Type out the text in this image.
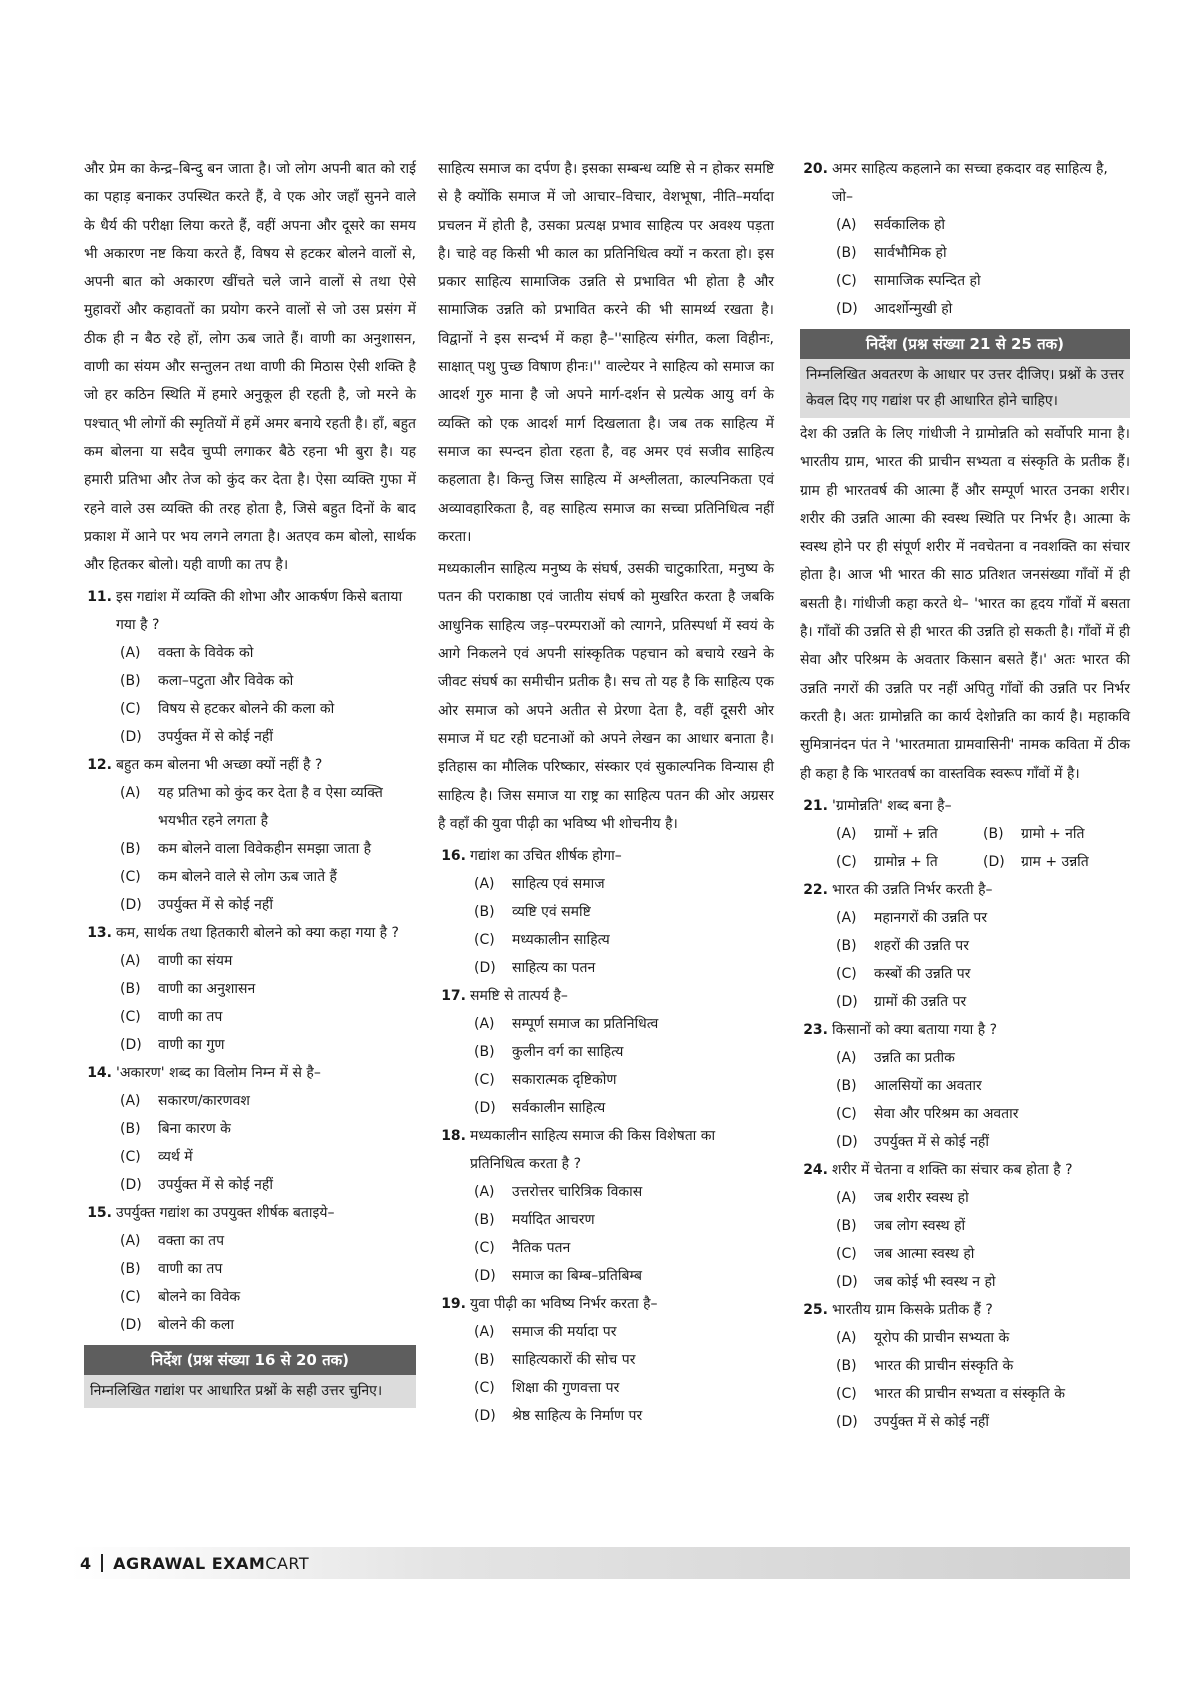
और प्रेम का केन्द्र–बिन्दु बन जाता है। जो लोग अपनी बात को राई का पहाड़ बनाकर उपस्थित करते हैं, वे एक ओर जहाँ सुनने वाले के धैर्य की परीक्षा लिया करते हैं, वहीं अपना और दूसरे का समय भी अकारण नष्ट किया करते हैं, विषय से हटकर बोलने वालों से, अपनी बात को अकारण खींचते चले जाने वालों से तथा ऐसे मुहावरों और कहावतों का प्रयोग करने वालों से जो उस प्रसंग में ठीक ही न बैठ रहे हों, लोग ऊब जाते हैं। वाणी का अनुशासन, वाणी का संयम और सन्तुलन तथा वाणी की मिठास ऐसी शक्ति है जो हर कठिन स्थिति में हमारे अनुकूल ही रहती है, जो मरने के पश्चात् भी लोगों की स्मृतियों में हमें अमर बनाये रहती है। हाँ, बहुत कम बोलना या सदैव चुप्पी लगाकर बैठे रहना भी बुरा है। यह हमारी प्रतिभा और तेज को कुंद कर देता है। ऐसा व्यक्ति गुफा में रहने वाले उस व्यक्ति की तरह होता है, जिसे बहुत दिनों के बाद प्रकाश में आने पर भय लगने लगता है। अतएव कम बोलो, सार्थक और हितकर बोलो। यही वाणी का तप है।

11. इस गद्यांश में व्यक्ति की शोभा और आकर्षण किसे बताया गया है ?
(A)	वक्ता के विवेक को
(B)	कला–पटुता और विवेक को
(C)	विषय से हटकर बोलने की कला को
(D)	उपर्युक्त में से कोई नहीं
12. बहुत कम बोलना भी अच्छा क्यों नहीं है ?
(A)	यह प्रतिभा को कुंद कर देता है व ऐसा व्यक्ति भयभीत रहने लगता है
(B)	कम बोलने वाला विवेकहीन समझा जाता है
(C)	कम बोलने वाले से लोग ऊब जाते हैं
(D)	उपर्युक्त में से कोई नहीं
13. कम, सार्थक तथा हितकारी बोलने को क्या कहा गया है ?
(A)	वाणी का संयम
(B)	वाणी का अनुशासन
(C)	वाणी का तप
(D)	वाणी का गुण
14. 'अकारण' शब्द का विलोम निम्न में से है–
(A)	सकारण/कारणवश
(B)	बिना कारण के
(C)	व्यर्थ में
(D)	उपर्युक्त में से कोई नहीं
15. उपर्युक्त गद्यांश का उपयुक्त शीर्षक बताइये–
(A)	वक्ता का तप
(B)	वाणी का तप
(C)	बोलने का विवेक
(D)	बोलने की कला
निर्देश (प्रश्न संख्या 16 से 20 तक)
निम्नलिखित गद्यांश पर आधारित प्रश्नों के सही उत्तर चुनिए।

साहित्य समाज का दर्पण है। इसका सम्बन्ध व्यष्टि से न होकर समष्टि से है क्योंकि समाज में जो आचार–विचार, वेशभूषा, नीति–मर्यादा प्रचलन में होती है, उसका प्रत्यक्ष प्रभाव साहित्य पर अवश्य पड़ता है। चाहे वह किसी भी काल का प्रतिनिधित्व क्यों न करता हो। इस प्रकार साहित्य सामाजिक उन्नति से प्रभावित भी होता है और सामाजिक उन्नति को प्रभावित करने की भी सामर्थ्य रखता है। विद्वानों ने इस सन्दर्भ में कहा है–''साहित्य संगीत, कला विहीनः, साक्षात् पशु पुच्छ विषाण हीनः।'' वाल्टेयर ने साहित्य को समाज का आदर्श गुरु माना है जो अपने मार्ग-दर्शन से प्रत्येक आयु वर्ग के व्यक्ति को एक आदर्श मार्ग दिखलाता है। जब तक साहित्य में समाज का स्पन्दन होता रहता है, वह अमर एवं सजीव साहित्य कहलाता है। किन्तु जिस साहित्य में अश्लीलता, काल्पनिकता एवं अव्यावहारिकता है, वह साहित्य समाज का सच्चा प्रतिनिधित्व नहीं करता।

मध्यकालीन साहित्य मनुष्य के संघर्ष, उसकी चाटुकारिता, मनुष्य के पतन की पराकाष्ठा एवं जातीय संघर्ष को मुखरित करता है जबकि आधुनिक साहित्य जड़–परम्पराओं को त्यागने, प्रतिस्पर्धा में स्वयं के आगे निकलने एवं अपनी सांस्कृतिक पहचान को बचाये रखने के जीवट संघर्ष का समीचीन प्रतीक है। सच तो यह है कि साहित्य एक ओर समाज को अपने अतीत से प्रेरणा देता है, वहीं दूसरी ओर समाज में घट रही घटनाओं को अपने लेखन का आधार बनाता है। इतिहास का मौलिक परिष्कार, संस्कार एवं सुकाल्पनिक विन्यास ही साहित्य है। जिस समाज या राष्ट्र का साहित्य पतन की ओर अग्रसर है वहाँ की युवा पीढ़ी का भविष्य भी शोचनीय है।

16. गद्यांश का उचित शीर्षक होगा–
(A)	साहित्य एवं समाज
(B)	व्यष्टि एवं समष्टि
(C)	मध्यकालीन साहित्य
(D)	साहित्य का पतन
17. समष्टि से तात्पर्य है–
(A)	सम्पूर्ण समाज का प्रतिनिधित्व
(B)	कुलीन वर्ग का साहित्य
(C)	सकारात्मक दृष्टिकोण
(D)	सर्वकालीन साहित्य
18. मध्यकालीन साहित्य समाज की किस विशेषता का प्रतिनिधित्व करता है ?
(A)	उत्तरोत्तर चारित्रिक विकास
(B)	मर्यादित आचरण
(C)	नैतिक पतन
(D)	समाज का बिम्ब–प्रतिबिम्ब
19. युवा पीढ़ी का भविष्य निर्भर करता है–
(A)	समाज की मर्यादा पर
(B)	साहित्यकारों की सोच पर
(C)	शिक्षा की गुणवत्ता पर
(D)	श्रेष्ठ साहित्य के निर्माण पर
20. अमर साहित्य कहलाने का सच्चा हकदार वह साहित्य है, जो–
(A)	सर्वकालिक हो
(B)	सार्वभौमिक हो
(C)	सामाजिक स्पन्दित हो
(D)	आदर्शोन्मुखी हो
निर्देश (प्रश्न संख्या 21 से 25 तक)
निम्नलिखित अवतरण के आधार पर उत्तर दीजिए। प्रश्नों के उत्तर केवल दिए गए गद्यांश पर ही आधारित होने चाहिए।

देश की उन्नति के लिए गांधीजी ने ग्रामोन्नति को सर्वोपरि माना है। भारतीय ग्राम, भारत की प्राचीन सभ्यता व संस्कृति के प्रतीक हैं। ग्राम ही भारतवर्ष की आत्मा हैं और सम्पूर्ण भारत उनका शरीर। शरीर की उन्नति आत्मा की स्वस्थ स्थिति पर निर्भर है। आत्मा के स्वस्थ होने पर ही संपूर्ण शरीर में नवचेतना व नवशक्ति का संचार होता है। आज भी भारत की साठ प्रतिशत जनसंख्या गाँवों में ही बसती है। गांधीजी कहा करते थे– 'भारत का हृदय गाँवों में बसता है। गाँवों की उन्नति से ही भारत की उन्नति हो सकती है। गाँवों में ही सेवा और परिश्रम के अवतार किसान बसते हैं।' अतः भारत की उन्नति नगरों की उन्नति पर नहीं अपितु गाँवों की उन्नति पर निर्भर करती है। अतः ग्रामोन्नति का कार्य देशोन्नति का कार्य है। महाकवि सुमित्रानंदन पंत ने 'भारतमाता ग्रामवासिनी' नामक कविता में ठीक ही कहा है कि भारतवर्ष का वास्तविक स्वरूप गाँवों में है।

21. 'ग्रामोन्नति' शब्द बना है–
(A)	ग्रामों + न्नति	(B)	ग्रामो + नति
(C)	ग्रामोन्न + ति	(D)	ग्राम + उन्नति
22. भारत की उन्नति निर्भर करती है–
(A)	महानगरों की उन्नति पर
(B)	शहरों की उन्नति पर
(C)	कस्बों की उन्नति पर
(D)	ग्रामों की उन्नति पर
23. किसानों को क्या बताया गया है ?
(A)	उन्नति का प्रतीक
(B)	आलसियों का अवतार
(C)	सेवा और परिश्रम का अवतार
(D)	उपर्युक्त में से कोई नहीं
24. शरीर में चेतना व शक्ति का संचार कब होता है ?
(A)	जब शरीर स्वस्थ हो
(B)	जब लोग स्वस्थ हों
(C)	जब आत्मा स्वस्थ हो
(D)	जब कोई भी स्वस्थ न हो
25. भारतीय ग्राम किसके प्रतीक हैं ?
(A)	यूरोप की प्राचीन सभ्यता के
(B)	भारत की प्राचीन संस्कृति के
(C)	भारत की प्राचीन सभ्यता व संस्कृति के
(D)	उपर्युक्त में से कोई नहीं
4 AGRAWAL EXAMCART
